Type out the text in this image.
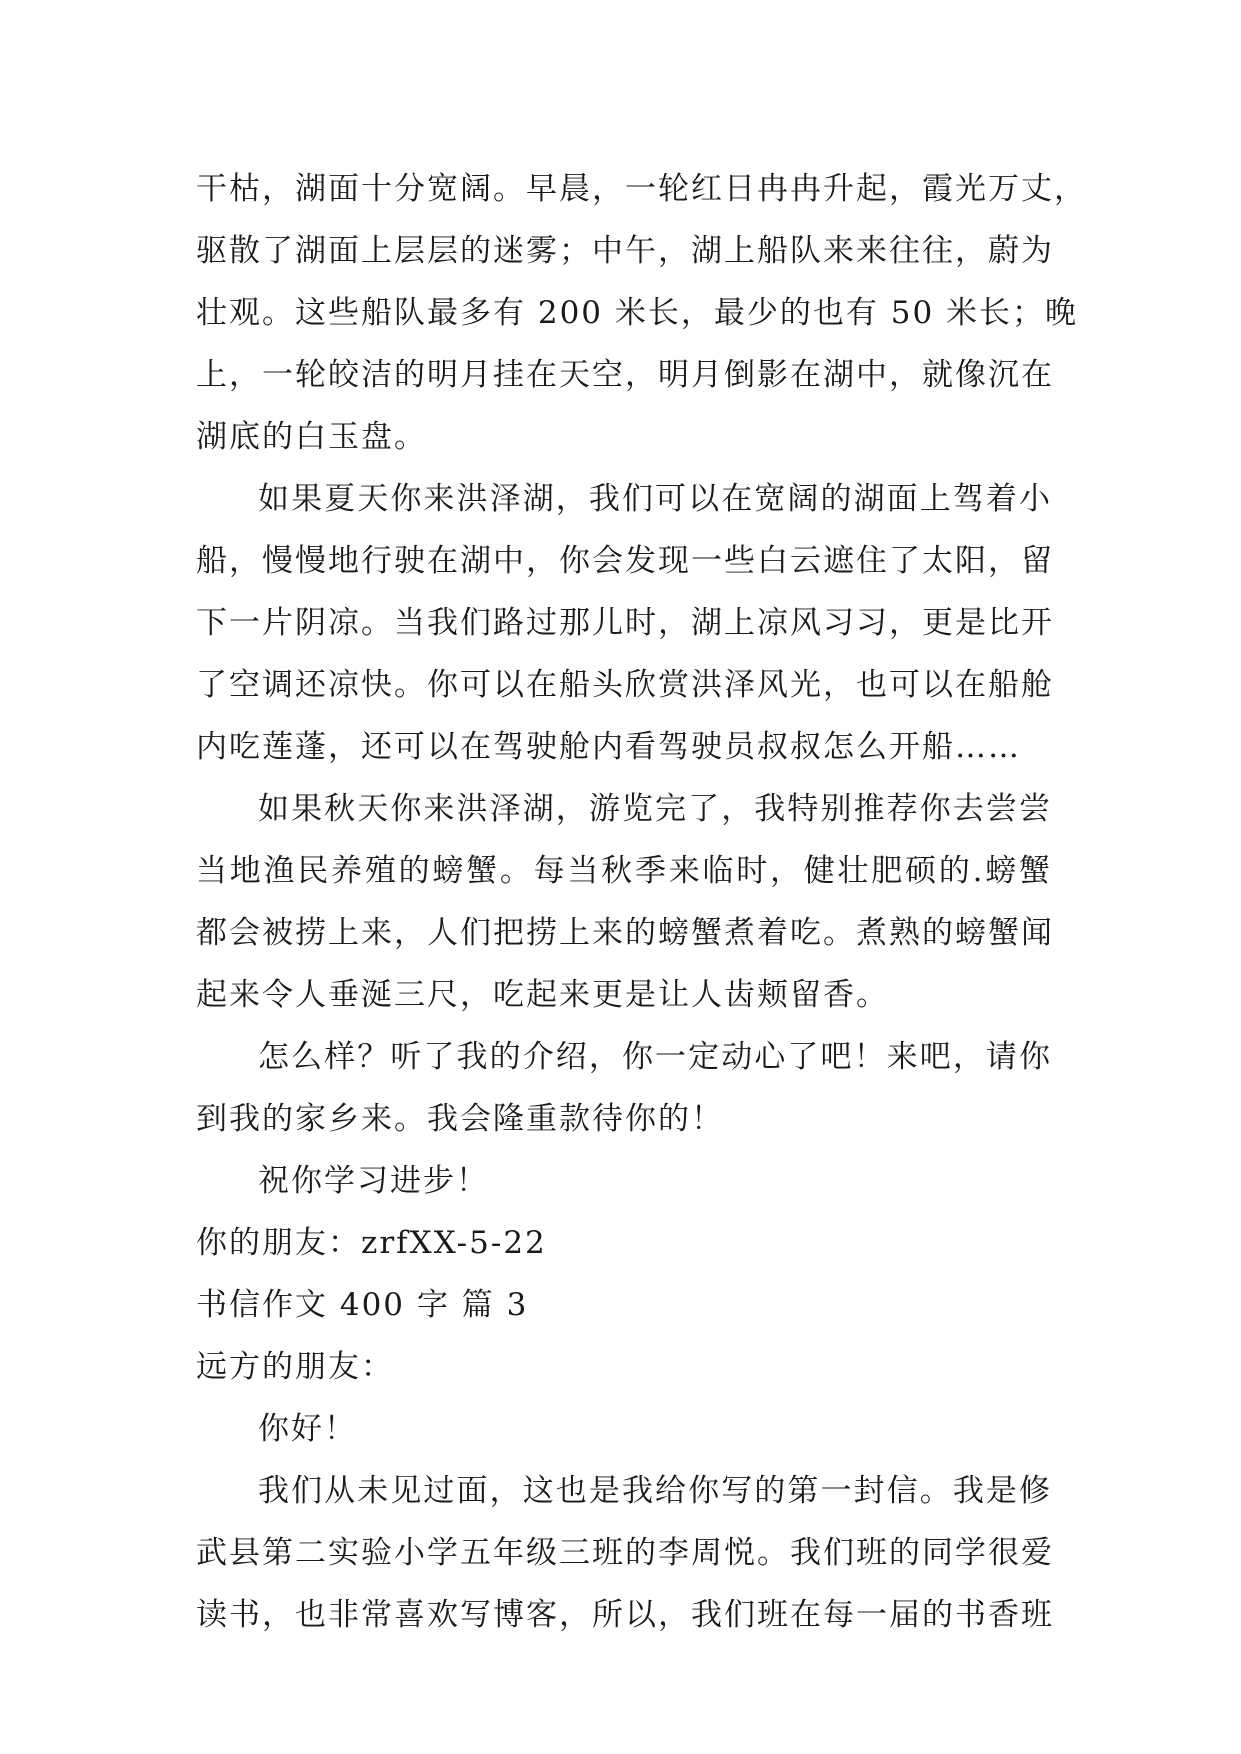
干枯，湖面十分宽阔。早晨，一轮红日冉冉升起，霞光万丈，
驱散了湖面上层层的迷雾；中午，湖上船队来来往往，蔚为
壮观。这些船队最多有 200 米长，最少的也有 50 米长；晚
上，一轮皎洁的明月挂在天空，明月倒影在湖中，就像沉在
湖底的白玉盘。
如果夏天你来洪泽湖，我们可以在宽阔的湖面上驾着小
船，慢慢地行驶在湖中，你会发现一些白云遮住了太阳，留
下一片阴凉。当我们路过那儿时，湖上凉风习习，更是比开
了空调还凉快。你可以在船头欣赏洪泽风光，也可以在船舱
内吃莲蓬，还可以在驾驶舱内看驾驶员叔叔怎么开船……
如果秋天你来洪泽湖，游览完了，我特别推荐你去尝尝
当地渔民养殖的螃蟹。每当秋季来临时，健壮肥硕的.螃蟹
都会被捞上来，人们把捞上来的螃蟹煮着吃。煮熟的螃蟹闻
起来令人垂涎三尺，吃起来更是让人齿颊留香。
怎么样？听了我的介绍，你一定动心了吧！来吧，请你
到我的家乡来。我会隆重款待你的！
祝你学习进步！
你的朋友：zrfXX-5-22
书信作文 400 字 篇 3
远方的朋友：
你好！
我们从未见过面，这也是我给你写的第一封信。我是修
武县第二实验小学五年级三班的李周悦。我们班的同学很爱
读书，也非常喜欢写博客，所以，我们班在每一届的书香班
